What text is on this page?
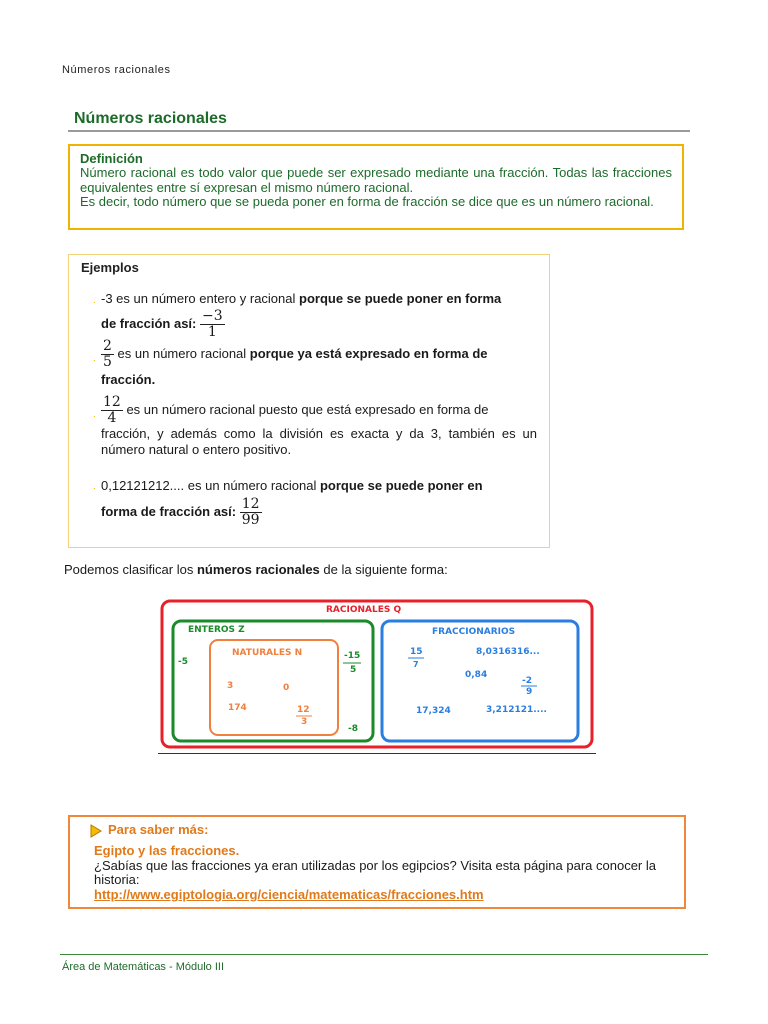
Números racionales
Números racionales
Definición
Número racional es todo valor que puede ser expresado mediante una fracción. Todas las fracciones equivalentes entre sí expresan el mismo número racional.
Es decir, todo número que se pueda poner en forma de fracción se dice que es un número racional.
Ejemplos
. -3 es un número entero y racional porque se puede poner en forma
de fracción así: $\frac{-3}{1}$
. $\frac{2}{5}$ es un número racional porque ya está expresado en forma de
fracción.
. $\frac{12}{4}$ es un número racional puesto que está expresado en forma de
fracción, y además como la división es exacta y da 3, también es un número natural o entero positivo.
. 0,12121212.... es un número racional porque se puede poner en
forma de fracción así: $\frac{12}{99}$
Podemos clasificar los números racionales de la siguiente forma:
RACIONALES Q
ENTEROS Z
NATURALES N
FRACCIONARIOS
-5
-15
5
-8
3	0
174	12
3
15
7
8,0316316...
0,84
-2
9
17,324	3,212121....
Para saber más:
Egipto y las fracciones.
¿Sabías que las fracciones ya eran utilizadas por los egipcios? Visita esta página para conocer la historia:
http://www.egiptologia.org/ciencia/matematicas/fracciones.htm
Área de Matemáticas - Módulo III
